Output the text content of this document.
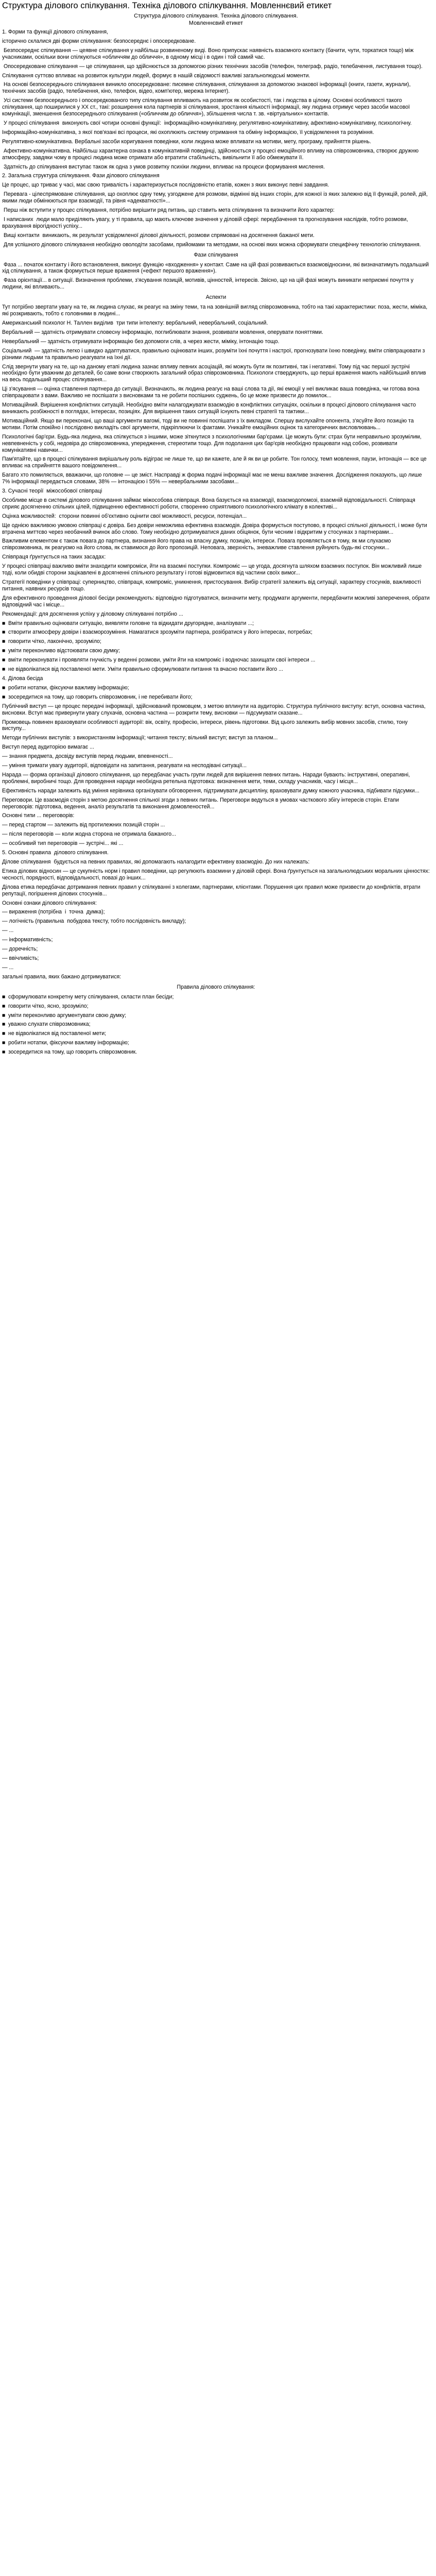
Структура ділового спілкування. Техніка ділового спілкування. Мовленнєвий етикет
Структура ділового спілкування. Техніка ділового спілкування.
Мовленнєвий етикет

1. Форми та функції ділового спілкування,

історично склалися дві форми спілкування: безпосереднє і опосередковане.

Безпосереднє спілкування — цеявне спілкування у найбільш розвиненому виді. Воно припускає наявність взаємного контакту (бачити, чути, торкатися тощо) між учасниками, оскільки вони спілкуються «обличчям до обличчя», в одному місці і в один і той самий час.

Опосередковане спілкування — це спілкування, що здійснюється за допомогою різних технічних засобів (телефон, телеграф, радіо, телебачення, листування тощо).

Спілкування суттєво впливає на розвиток культури людей, формує в нашій свідомості важливі загальнолюдські моменти.

На основі безпосереднього спілкування виникло опосередковане: писемне спілкування, спілкування за допомогою знакової інформації (книги, газети, журнали), технічних засобів (радіо, телебачення, кіно, телефон, відео, комп'ютер, мережа Інтернет).

Усі системи безпосереднього і опосередкованого типу спілкування впливають на розвиток як особистості, так і людства в цілому. Основні особливості такого спілкування, що поширилися у ХХ ст., такі: розширення кола партнерів зі спілкування, зростання кількості інформації, яку людина отримує через засоби масової комунікації, зменшення безпосереднього спілкування («обличчям до обличчя»), збільшення числа т. зв. «віртуальних» контактів.

У процесі спілкування  виконують свої чотири основні функції:  інформаційно-комунікативну, регулятивно-комунікативну, афективно-комунікативну, психологічну.

Інформаційно-комунікативна, з якої пов'язані всі процеси, які охоплюють систему отримання та обміну інформацією, її усвідомлення та розуміння.

Регулятивно-комунікативна. Вербальні засоби коригування поведінки, коли людина може впливати на мотиви, мету, програму, прийняття рішень.

Афективно-комунікативна. Найбільш характерна ознака в комунікативній поведінці, здійснюється у процесі емоційного впливу на співрозмовника, створює дружню атмосферу, завдяки чому в процесі людина може отримати або втратити стабільність, вивільнити її або обмежувати її.

Здатність до спілкування виступає також як одна з умов розвитку психіки людини, впливає на процеси формування мислення.

2. Загальна структура спілкування. Фази ділового спілкування

Це процес, що триває у часі, має свою тривалість і характеризується послідовністю етапів, кожен з яких виконує певні завдання.

Перевага - цілеспрямоване спілкування, що охоплює одну тему, узгоджене для розмови, відмінні від інших сторін, для кожної із яких залежно від її функцій, ролей, дій, якими люди обмінюються при взаємодії, та рівня «адекватності»...

Перш ніж вступити у процес спілкування, потрібно вирішити ряд питань, що ставить мета спілкування та визначити його характер:

І написаних  люди мало приділяють увагу, у ті правила, що мають ключове значення у діловій сфері: передбачення та прогнозування наслідків, тобто розмови, врахування вірогідності успіху...

Вищі контакти  виникають, як результат усвідомленої ділової діяльності, розмови спрямовані на досягнення бажаної мети.

Для успішного ділового спілкування необхідно оволодіти засобами, прийомами та методами, на основі яких можна сформувати специфічну технологію спілкування.

Фази спілкування

Фаза ... початок контакту і його встановлення, виконує функцію «входження» у контакт. Саме на цій фазі розвиваються взаємовідносини, які визначатимуть подальший хід спілкування, а також формується перше враження («ефект першого враження»).

Фаза орієнтації... в ситуації. Визначення проблеми, з'ясування позицій, мотивів, цінностей, інтересів. Звісно, що на цій фазі можуть виникати неприємні почуття у людини, які впливають...

Аспекти

Тут потрібно звертати увагу на те, як людина слухає, як реагує на зміну теми, та на зовнішній вигляд співрозмовника, тобто на такі характеристики: поза, жести, міміка, які розкривають, тобто є головними в людині...

Американський психолог Н. Таллен виділив  три типи інтелекту: вербальний, невербальний, соціальний.

Вербальний — здатність отримувати словесну інформацію, поглиблювати знання, розвивати мовлення, оперувати поняттями.

Невербальний — здатність отримувати інформацію без допомоги слів, а через жести, міміку, інтонацію тощо.

Соціальний  — здатність легко і швидко адаптуватися, правильно оцінювати інших, розуміти їхні почуття і настрої, прогнозувати їхню поведінку, вміти співпрацювати з різними людьми та правильно реагувати на їхні дії.

Слід звернути увагу на те, що на даному етапі людина зазнає впливу певних асоціацій, які можуть бути як позитивні, так і негативні. Тому під час першої зустрічі необхідно бути уважним до деталей, бо саме вони створюють загальний образ співрозмовника. Психологи стверджують, що перші враження мають найбільший вплив на весь подальший процес спілкування...

Ці з'ясування — оцінка ставлення партнера до ситуації. Визначають, як людина реагує на ваші слова та дії, які емоції у неї викликає ваша поведінка, чи готова вона співпрацювати з вами. Важливо не поспішати з висновками та не робити поспішних суджень, бо це може призвести до помилок...

Мотиваційний. Вирішення конфліктних ситуацій. Необхідно вміти налагоджувати взаємодію в конфліктних ситуаціях, оскільки в процесі ділового спілкування часто виникають розбіжності в поглядах, інтересах, позиціях. Для вирішення таких ситуацій існують певні стратегії та тактики...

Мотиваційний. Якщо ви переконані, що ваші аргументи вагомі, тоді ви не повинні поспішати з їх викладом. Спершу вислухайте опонента, з'ясуйте його позицію та мотиви. Потім спокійно і послідовно викладіть свої аргументи, підкріплюючи їх фактами. Уникайте емоційних оцінок та категоричних висловлювань...

Психологічні бар'єри. Будь-яка людина, яка спілкується з іншими, може зіткнутися з психологічними бар'єрами. Це можуть бути: страх бути неправильно зрозумілим, невпевненість у собі, недовіра до співрозмовника, упередження, стереотипи тощо. Для подолання цих бар'єрів необхідно працювати над собою, розвивати комунікативні навички...

Пам'ятайте, що в процесі спілкування вирішальну роль відіграє не лише те, що ви кажете, але й як ви це робите. Тон голосу, темп мовлення, паузи, інтонація — все це впливає на сприйняття вашого повідомлення...

Багато хто помиляється, вважаючи, що головне — це зміст. Насправді ж форма подачі інформації має не менш важливе значення. Дослідження показують, що лише 7% інформації передається словами, 38% — інтонацією і 55% — невербальними засобами...

3. Сучасні теорії  міжособової співпраці

Особливе місце в системі ділового спілкування займає міжособова співпраця. Вона базується на взаємодії, взаємодопомозі, взаємній відповідальності. Співпраця сприяє досягненню спільних цілей, підвищенню ефективності роботи, створенню сприятливого психологічного клімату в колективі...

Оцінка можливостей:  сторони повинні об'єктивно оцінити свої можливості, ресурси, потенціал...

Ще однією важливою умовою співпраці є довіра. Без довіри неможлива ефективна взаємодія. Довіра формується поступово, в процесі спільної діяльності, і може бути втрачена миттєво через необачний вчинок або слово. Тому необхідно дотримуватися даних обіцянок, бути чесним і відкритим у стосунках з партнерами...

Важливим елементом є також повага до партнера, визнання його права на власну думку, позицію, інтереси. Повага проявляється в тому, як ми слухаємо співрозмовника, як реагуємо на його слова, як ставимося до його пропозицій. Неповага, зверхність, зневажливе ставлення руйнують будь-які стосунки...

Співпраця ґрунтується на таких засадах:

У процесі співпраці важливо вміти знаходити компроміси, йти на взаємні поступки. Компроміс — це угода, досягнута шляхом взаємних поступок. Він можливий лише тоді, коли обидві сторони зацікавлені в досягненні спільного результату і готові відмовитися від частини своїх вимог...

Стратегії поведінки у співпраці: суперництво, співпраця, компроміс, уникнення, пристосування. Вибір стратегії залежить від ситуації, характеру стосунків, важливості питання, наявних ресурсів тощо.

Для ефективного проведення ділової бесіди рекомендують: відповідно підготуватися, визначити мету, продумати аргументи, передбачити можливі заперечення, обрати відповідний час і місце...

Рекомендації: для досягнення успіху у діловому спілкуванні потрібно ...

■ Вміти правильно оцінювати ситуацію, виявляти головне та відкидати другорядне, аналізувати ...;
■ створити атмосферу довіри і взаєморозуміння. Намагатися зрозуміти партнера, розібратися у його інтересах, потребах;
■ говорити чітко, лаконічно, зрозуміло;
■ уміти переконливо відстоювати свою думку;
■ вміти переконувати і проявляти гнучкість у веденні розмови, уміти йти на компроміс і водночас захищати свої інтереси ...
■ не відволікатися від поставленої мети. Уміти правильно сформулювати питання та вчасно поставити його ...

4. Ділова бесіда

■ робити нотатки, фіксуючи важливу інформацію;
■ зосередитися на тому, що говорить співрозмовник, і не перебивати його;

Публічний виступ — це процес передачі інформації, здійснюваний промовцем, з метою вплинути на аудиторію. Структура публічного виступу: вступ, основна частина, висновки. Вступ має привернути увагу слухачів, основна частина — розкрити тему, висновки — підсумувати сказане...

Промовець повинен враховувати особливості аудиторії: вік, освіту, професію, інтереси, рівень підготовки. Від цього залежить вибір мовних засобів, стилю, тону виступу...

Методи публічних виступів: з використанням інформації; читання тексту; вільний виступ; виступ за планом...

Виступ перед аудиторією вимагає ...

— знання предмета, досвіду виступів перед людьми, впевненості...

— уміння тримати увагу аудиторії, відповідати на запитання, реагувати на несподівані ситуації...

Нарада — форма організації ділового спілкування, що передбачає участь групи людей для вирішення певних питань. Наради бувають: інструктивні, оперативні, проблемні, виробничі тощо. Для проведення наради необхідна ретельна підготовка: визначення мети, теми, складу учасників, часу і місця...

Ефективність наради залежить від уміння керівника організувати обговорення, підтримувати дисципліну, враховувати думку кожного учасника, підбивати підсумки...

Переговори. Це взаємодія сторін з метою досягнення спільної згоди з певних питань. Переговори ведуться в умовах часткового збігу інтересів сторін. Етапи переговорів: підготовка, ведення, аналіз результатів та виконання домовленостей...

Основні типи ... переговорів:

— перед стартом — залежить від протилежних позицій сторін ...

— після переговорів — коли жодна сторона не отримала бажаного...

— особливий тип переговорів — зустрічі... які ...

5. Основні правила  ділового спілкування.

Ділове спілкування  будується на певних правилах, які допомагають налагодити ефективну взаємодію. До них належать:

Етика ділових відносин — це сукупність норм і правил поведінки, що регулюють взаємини у діловій сфері. Вона ґрунтується на загальнолюдських моральних цінностях: чесності, порядності, відповідальності, повазі до інших...

Ділова етика передбачає дотримання певних правил у спілкуванні з колегами, партнерами, клієнтами. Порушення цих правил може призвести до конфліктів, втрати репутації, погіршення ділових стосунків...

Основні ознаки ділового спілкування:

— вираження (потрібна  і  точна  думка);

— логічність (правильна  побудова тексту, тобто послідовність викладу);

— ...

— інформативність;

— доречність;

— ввічливість;

— ...

загальні правила, яких бажано дотримуватися:

Правила ділового спілкування:
■ сформулювати конкретну мету спілкування, скласти план бесіди;
■ говорити чітко, ясно, зрозуміло;
■ уміти переконливо аргументувати свою думку;
■ уважно слухати співрозмовника;
■ не відволікатися від поставленої мети;
■ робити нотатки, фіксуючи важливу інформацію;
■ зосередитися на тому, що говорить співрозмовник.
